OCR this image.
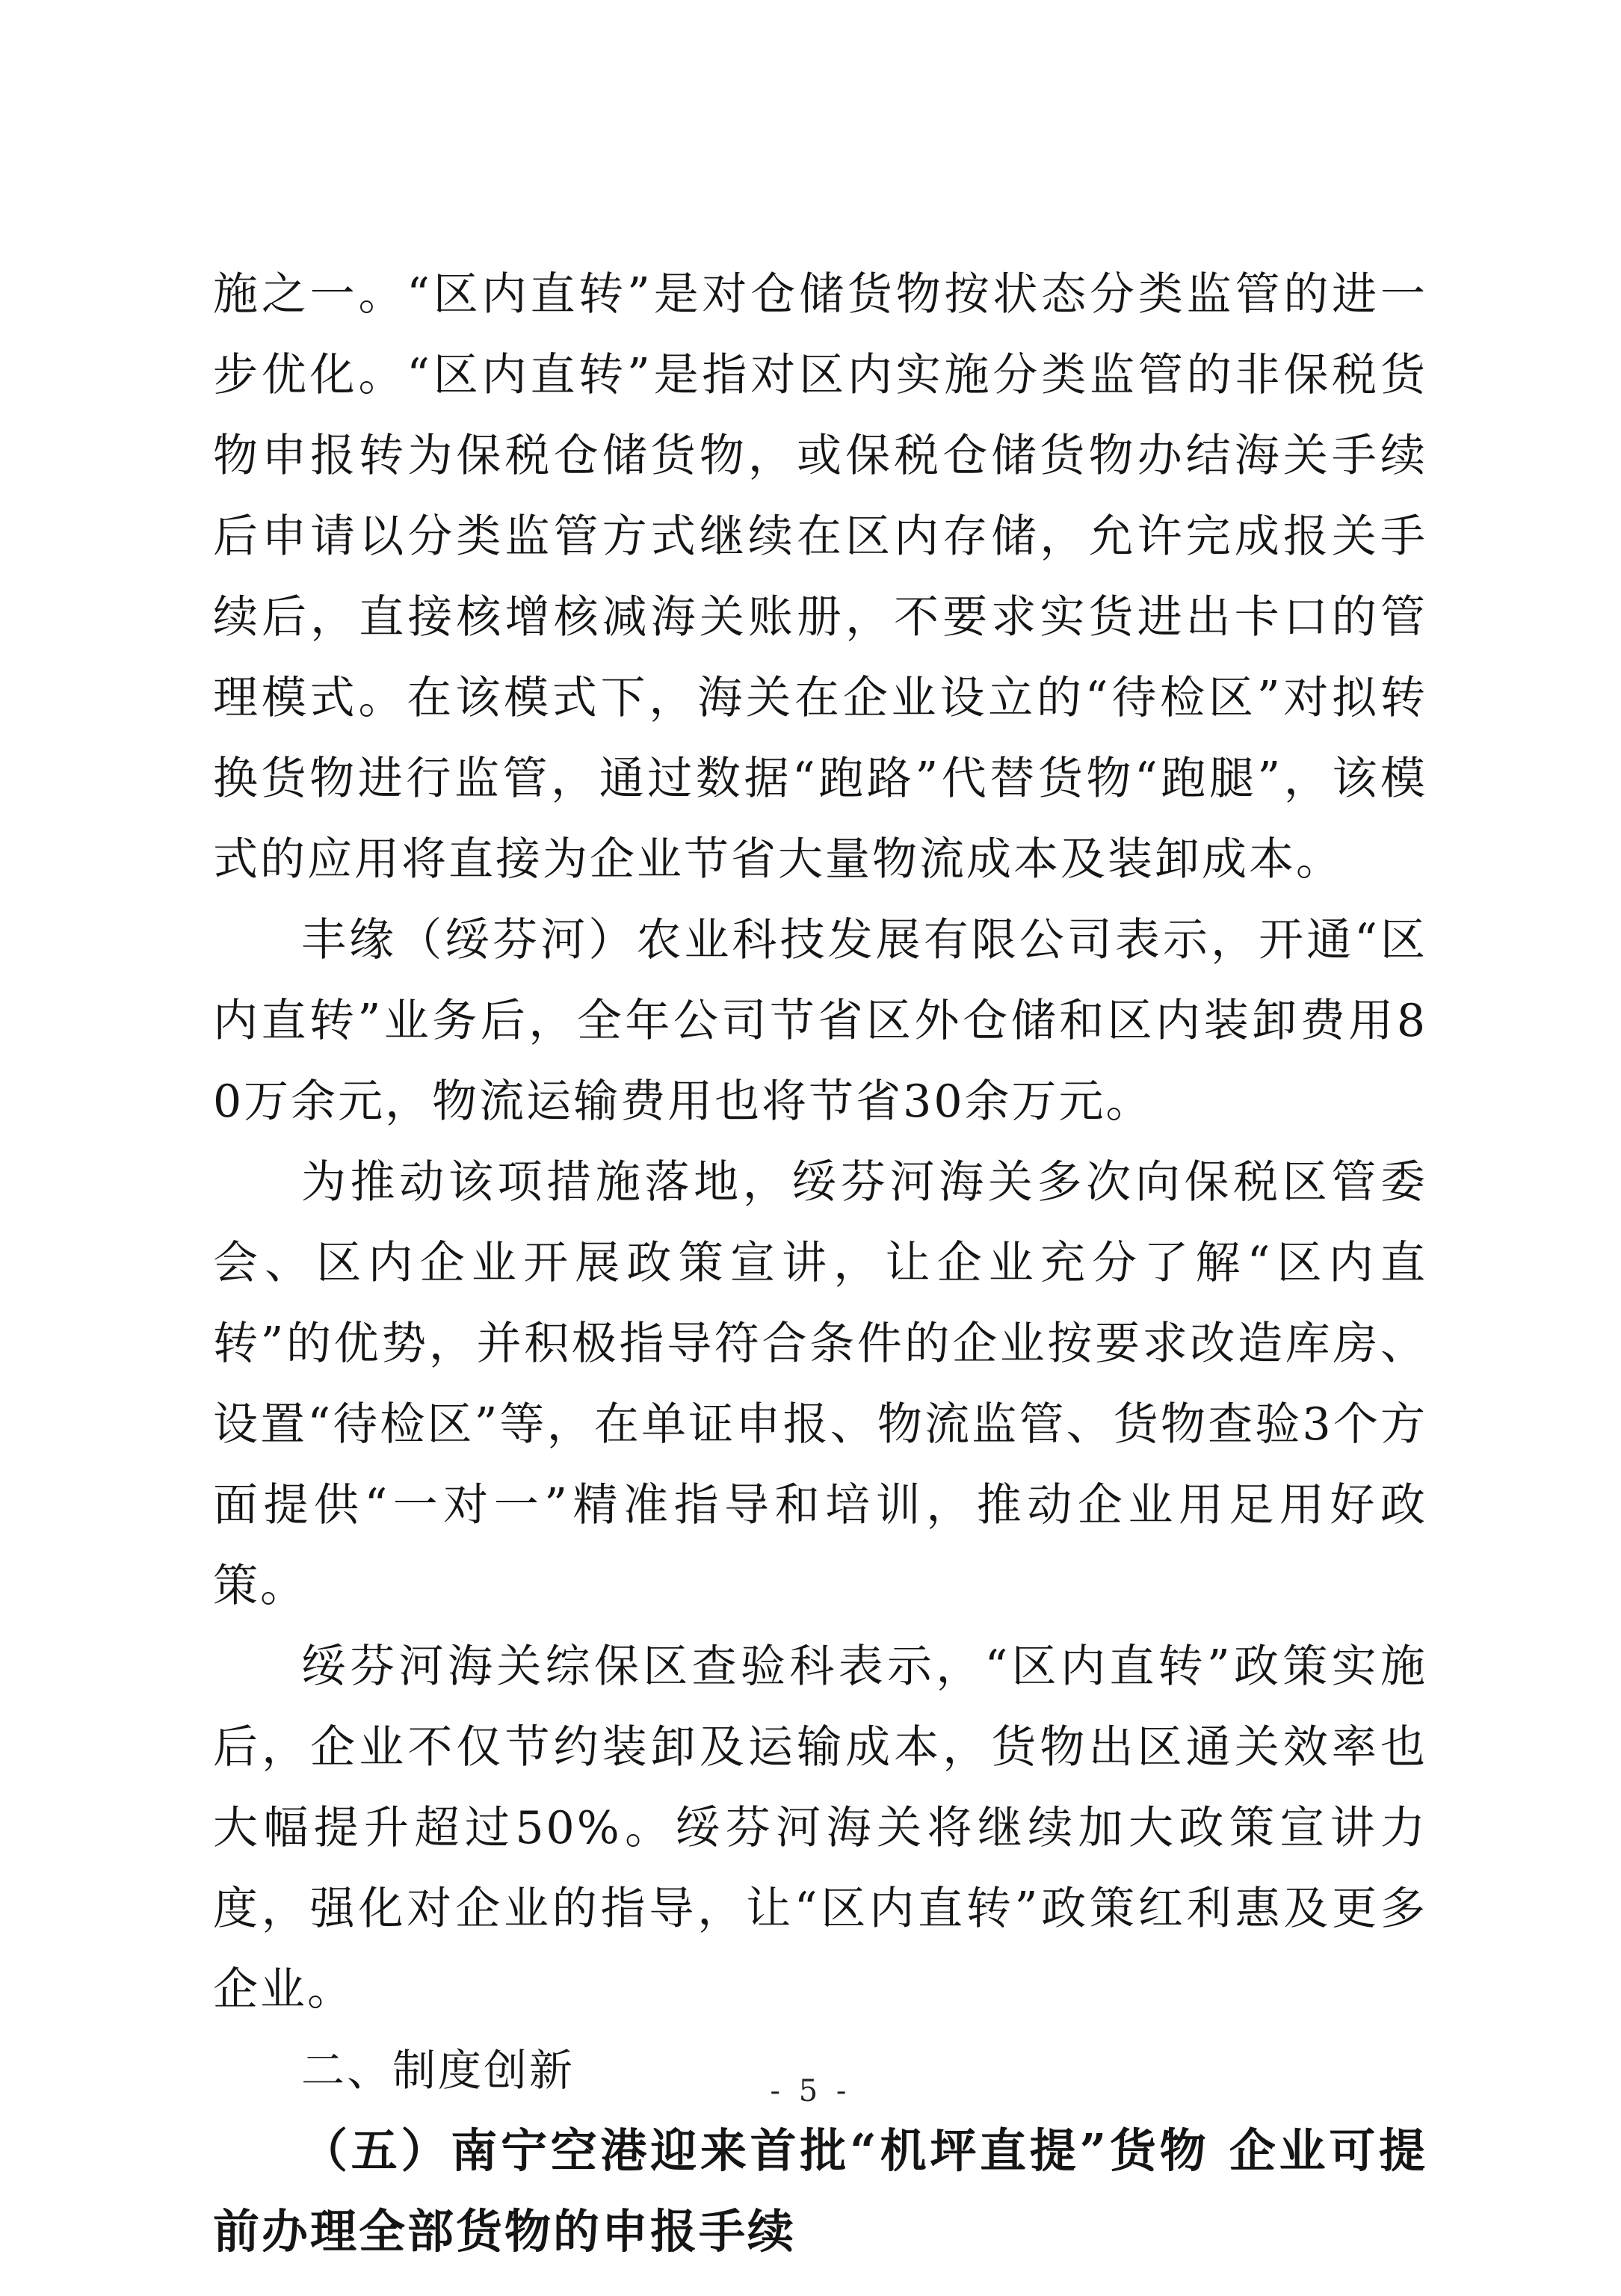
施之一。“区内直转”是对仓储货物按状态分类监管的进一步优化。“区内直转”是指对区内实施分类监管的非保税货物申报转为保税仓储货物，或保税仓储货物办结海关手续后申请以分类监管方式继续在区内存储，允许完成报关手续后，直接核增核减海关账册，不要求实货进出卡口的管理模式。在该模式下，海关在企业设立的“待检区”对拟转换货物进行监管，通过数据“跑路”代替货物“跑腿”，该模式的应用将直接为企业节省大量物流成本及装卸成本。

丰缘（绥芬河）农业科技发展有限公司表示，开通“区内直转”业务后，全年公司节省区外仓储和区内装卸费用80万余元，物流运输费用也将节省30余万元。

为推动该项措施落地，绥芬河海关多次向保税区管委会、区内企业开展政策宣讲，让企业充分了解“区内直转”的优势，并积极指导符合条件的企业按要求改造库房、设置“待检区”等，在单证申报、物流监管、货物查验3个方面提供“一对一”精准指导和培训，推动企业用足用好政策。

绥芬河海关综保区查验科表示，“区内直转”政策实施后，企业不仅节约装卸及运输成本，货物出区通关效率也大幅提升超过50%。绥芬河海关将继续加大政策宣讲力度，强化对企业的指导，让“区内直转”政策红利惠及更多企业。

二、制度创新

（五）南宁空港迎来首批“机坪直提”货物 企业可提前办理全部货物的申报手续

- 5 -
